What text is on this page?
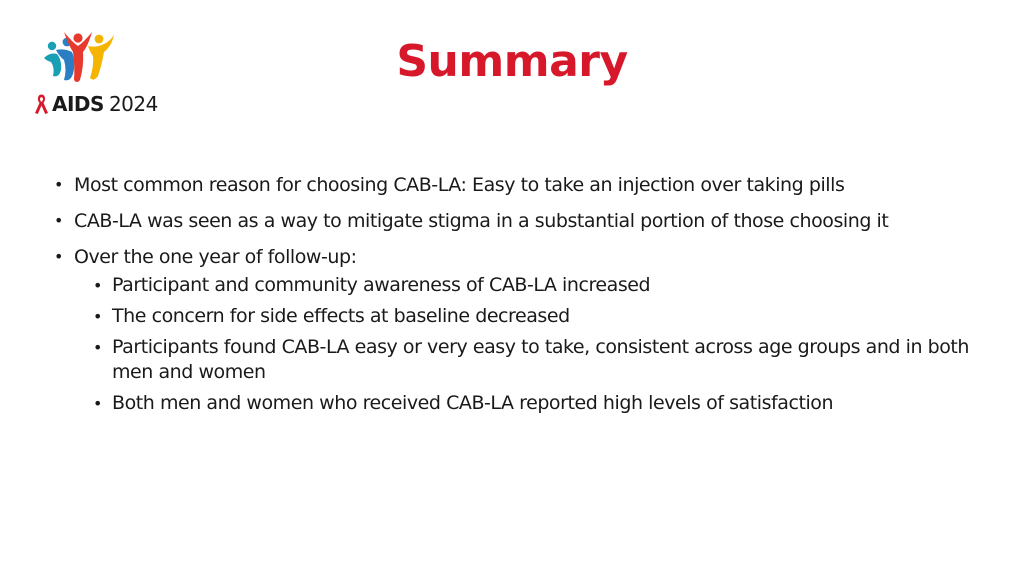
AIDS 2024
Summary
• Most common reason for choosing CAB-LA: Easy to take an injection over taking pills
• CAB-LA was seen as a way to mitigate stigma in a substantial portion of those choosing it
• Over the one year of follow-up:
• Participant and community awareness of CAB-LA increased
• The concern for side effects at baseline decreased
• Participants found CAB-LA easy or very easy to take, consistent across age groups and in both men and women
• Both men and women who received CAB-LA reported high levels of satisfaction
